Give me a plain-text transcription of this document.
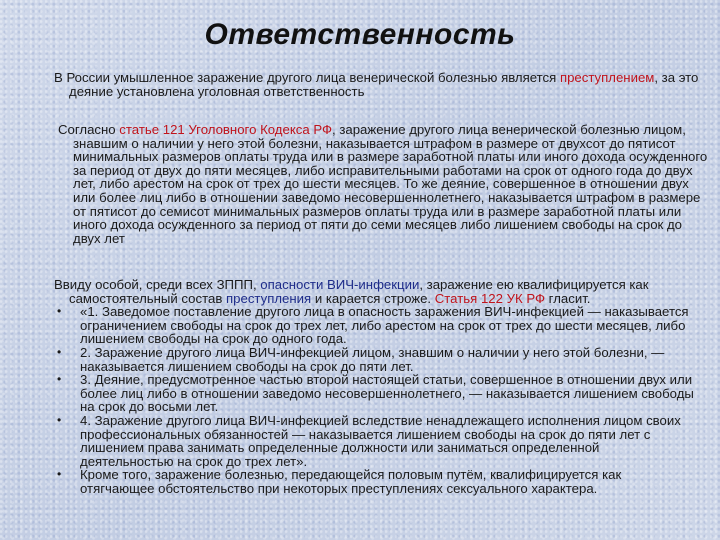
Ответственность
В России умышленное заражение другого лица венерической болезнью является преступлением, за это деяние установлена уголовная ответственность
Согласно статье 121 Уголовного Кодекса РФ, заражение другого лица венерической болезнью лицом, знавшим о наличии у него этой болезни, наказывается штрафом в размере от двухсот до пятисот минимальных размеров оплаты труда или в размере заработной платы или иного дохода осужденного за период от двух до пяти месяцев, либо исправительными работами на срок от одного года до двух лет, либо арестом на срок от трех до шести месяцев. То же деяние, совершенное в отношении двух или более лиц либо в отношении заведомо несовершеннолетнего, наказывается штрафом в размере от пятисот до семисот минимальных размеров оплаты труда или в размере заработной платы или иного дохода осужденного за период от пяти до семи месяцев либо лишением свободы на срок до двух лет
Ввиду особой, среди всех ЗППП, опасности ВИЧ-инфекции, заражение ею квалифицируется как самостоятельный состав преступления и карается строже. Статья 122 УК РФ гласит.
• «1. Заведомое поставление другого лица в опасность заражения ВИЧ-инфекцией — наказывается ограничением свободы на срок до трех лет, либо арестом на срок от трех до шести месяцев, либо лишением свободы на срок до одного года.
• 2. Заражение другого лица ВИЧ-инфекцией лицом, знавшим о наличии у него этой болезни, — наказывается лишением свободы на срок до пяти лет.
• 3. Деяние, предусмотренное частью второй настоящей статьи, совершенное в отношении двух или более лиц либо в отношении заведомо несовершеннолетнего, — наказывается лишением свободы на срок до восьми лет.
• 4. Заражение другого лица ВИЧ-инфекцией вследствие ненадлежащего исполнения лицом своих профессиональных обязанностей — наказывается лишением свободы на срок до пяти лет с лишением права занимать определенные должности или заниматься определенной деятельностью на срок до трех лет».
• Кроме того, заражение болезнью, передающейся половым путём, квалифицируется как отягчающее обстоятельство при некоторых преступлениях сексуального характера.
